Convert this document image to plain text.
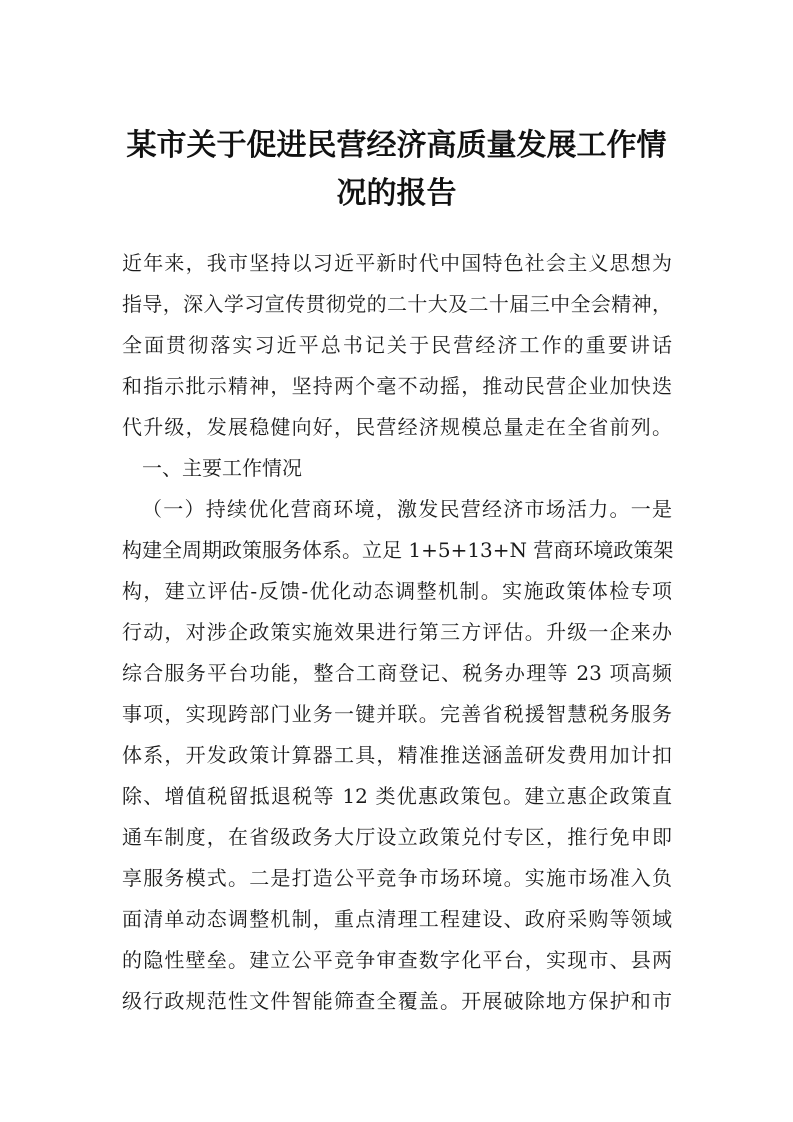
某市关于促进民营经济高质量发展工作情
况的报告
近年来，我市坚持以习近平新时代中国特色社会主义思想为
指导，深入学习宣传贯彻党的二十大及二十届三中全会精神，
全面贯彻落实习近平总书记关于民营经济工作的重要讲话
和指示批示精神，坚持两个毫不动摇，推动民营企业加快迭
代升级，发展稳健向好，民营经济规模总量走在全省前列。
一、主要工作情况
（一）持续优化营商环境，激发民营经济市场活力。一是
构建全周期政策服务体系。立足 1+5+13+N 营商环境政策架
构，建立评估-反馈-优化动态调整机制。实施政策体检专项
行动，对涉企政策实施效果进行第三方评估。升级一企来办
综合服务平台功能，整合工商登记、税务办理等 23 项高频
事项，实现跨部门业务一键并联。完善省税援智慧税务服务
体系，开发政策计算器工具，精准推送涵盖研发费用加计扣
除、增值税留抵退税等 12 类优惠政策包。建立惠企政策直
通车制度，在省级政务大厅设立政策兑付专区，推行免申即
享服务模式。二是打造公平竞争市场环境。实施市场准入负
面清单动态调整机制，重点清理工程建设、政府采购等领域
的隐性壁垒。建立公平竞争审查数字化平台，实现市、县两
级行政规范性文件智能筛查全覆盖。开展破除地方保护和市
